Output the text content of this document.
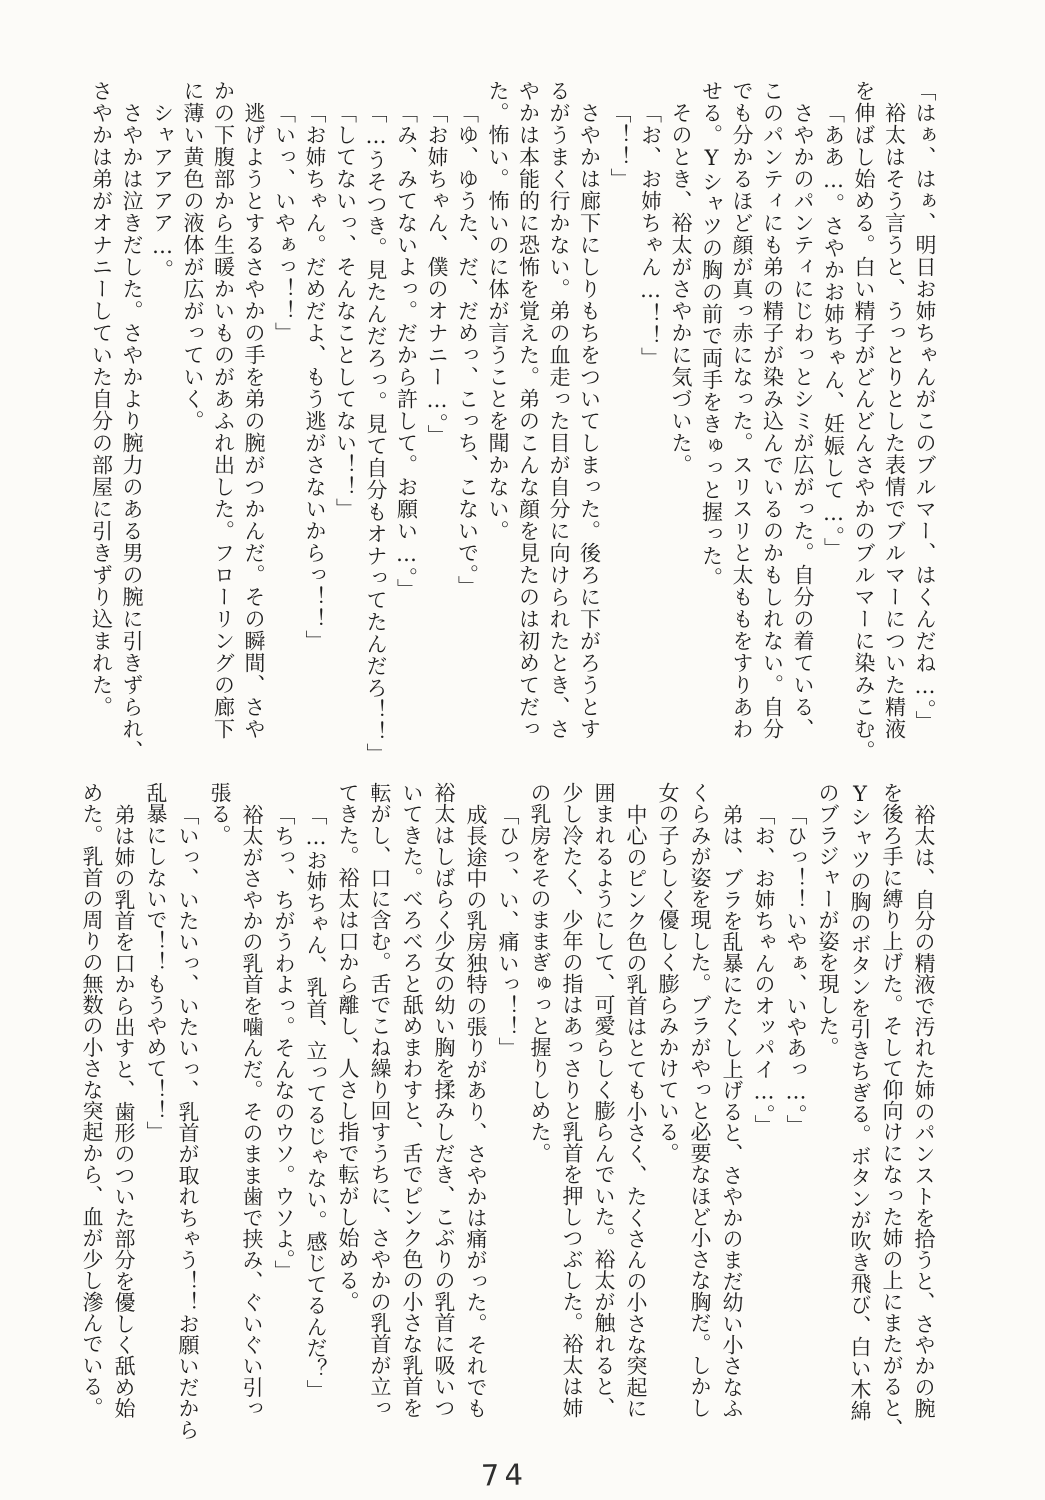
「はぁ、はぁ、明日お姉ちゃんがこのブルマー、はくんだね…。」

裕太はそう言うと、うっとりとした表情でブルマーについた精液

を伸ばし始める。白い精子がどんどんさやかのブルマーに染みこむ。

「ああ…。さやかお姉ちゃん、妊娠して…。」

さやかのパンティにじわっとシミが広がった。自分の着ている、

このパンティにも弟の精子が染み込んでいるのかもしれない。自分

でも分かるほど顔が真っ赤になった。スリスリと太ももをすりあわ

せる。Yシャツの胸の前で両手をきゅっと握った。

そのとき、裕太がさやかに気づいた。

「お、お姉ちゃん…！！」

「！！」

さやかは廊下にしりもちをついてしまった。後ろに下がろうとす

るがうまく行かない。弟の血走った目が自分に向けられたとき、さ

やかは本能的に恐怖を覚えた。弟のこんな顔を見たのは初めてだっ

た。怖い。怖いのに体が言うことを聞かない。

「ゆ、ゆうた、だ、だめっ、こっち、こないで。」

「お姉ちゃん、僕のオナニー…。」

「み、みてないよっ。だから許して。お願い…。」

「…うそつき。見たんだろっ。見て自分もオナってたんだろ！！」

「してないっ、そんなことしてない！！」

「お姉ちゃん。だめだよ、もう逃がさないからっ！！」

「いっ、いやぁっ！！」

逃げようとするさやかの手を弟の腕がつかんだ。その瞬間、さや

かの下腹部から生暖かいものがあふれ出した。フローリングの廊下

に薄い黄色の液体が広がっていく。

シャアアアア…。

さやかは泣きだした。さやかより腕力のある男の腕に引きずられ、

さやかは弟がオナニーしていた自分の部屋に引きずり込まれた。

裕太は、自分の精液で汚れた姉のパンストを拾うと、さやかの腕

を後ろ手に縛り上げた。そして仰向けになった姉の上にまたがると、

Yシャツの胸のボタンを引きちぎる。ボタンが吹き飛び、白い木綿

のブラジャーが姿を現した。

「ひっ！！いやぁ、いやあっ…。」

「お、お姉ちゃんのオッパイ…。」

弟は、ブラを乱暴にたくし上げると、さやかのまだ幼い小さなふ

くらみが姿を現した。ブラがやっと必要なほど小さな胸だ。しかし

女の子らしく優しく膨らみかけている。

中心のピンク色の乳首はとても小さく、たくさんの小さな突起に

囲まれるようにして、可愛らしく膨らんでいた。裕太が触れると、

少し冷たく、少年の指はあっさりと乳首を押しつぶした。裕太は姉

の乳房をそのままぎゅっと握りしめた。

「ひっ、い、痛いっ！！」

成長途中の乳房独特の張りがあり、さやかは痛がった。それでも

裕太はしばらく少女の幼い胸を揉みしだき、こぶりの乳首に吸いつ

いてきた。べろべろと舐めまわすと、舌でピンク色の小さな乳首を

転がし、口に含む。舌でこね繰り回すうちに、さやかの乳首が立っ

てきた。裕太は口から離し、人さし指で転がし始める。

「…お姉ちゃん、乳首、立ってるじゃない。感じてるんだ？」

「ちっ、ちがうわよっ。そんなのウソ。ウソよ。」

裕太がさやかの乳首を噛んだ。そのまま歯で挟み、ぐいぐい引っ

張る。

「いっ、いたいっ、いたいっ、乳首が取れちゃう！！お願いだから

乱暴にしないで！！もうやめて！！」

弟は姉の乳首を口から出すと、歯形のついた部分を優しく舐め始

めた。乳首の周りの無数の小さな突起から、血が少し滲んでいる。

74
